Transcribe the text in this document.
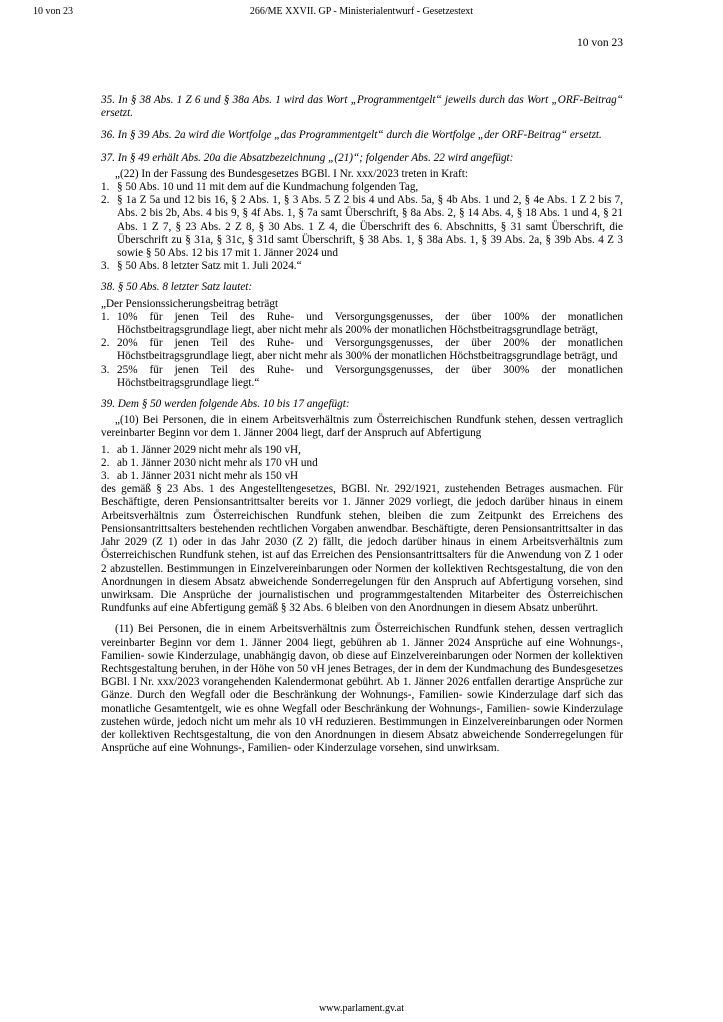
10 von 23	266/ME XXVII. GP - Ministerialentwurf - Gesetzestext
10 von 23
35. In § 38 Abs. 1 Z 6 und § 38a Abs. 1 wird das Wort „Programmentgelt“ jeweils durch das Wort „ORF-Beitrag“ ersetzt.
36. In § 39 Abs. 2a wird die Wortfolge „das Programmentgelt“ durch die Wortfolge „der ORF-Beitrag“ ersetzt.
37. In § 49 erhält Abs. 20a die Absatzbezeichnung „(21)“; folgender Abs. 22 wird angefügt:
„(22) In der Fassung des Bundesgesetzes BGBl. I Nr. xxx/2023 treten in Kraft:
1. § 50 Abs. 10 und 11 mit dem auf die Kundmachung folgenden Tag,
2. § 1a Z 5a und 12 bis 16, § 2 Abs. 1, § 3 Abs. 5 Z 2 bis 4 und Abs. 5a, § 4b Abs. 1 und 2, § 4e Abs. 1 Z 2 bis 7, Abs. 2 bis 2b, Abs. 4 bis 9, § 4f Abs. 1, § 7a samt Überschrift, § 8a Abs. 2, § 14 Abs. 4, § 18 Abs. 1 und 4, § 21 Abs. 1 Z 7, § 23 Abs. 2 Z 8, § 30 Abs. 1 Z 4, die Überschrift des 6. Abschnitts, § 31 samt Überschrift, die Überschrift zu § 31a, § 31c, § 31d samt Überschrift, § 38 Abs. 1, § 38a Abs. 1, § 39 Abs. 2a, § 39b Abs. 4 Z 3 sowie § 50 Abs. 12 bis 17 mit 1. Jänner 2024 und
3. § 50 Abs. 8 letzter Satz mit 1. Juli 2024.“
38. § 50 Abs. 8 letzter Satz lautet:
„Der Pensionssicherungsbeitrag beträgt
1. 10% für jenen Teil des Ruhe- und Versorgungsgenusses, der über 100% der monatlichen Höchstbeitragsgrundlage liegt, aber nicht mehr als 200% der monatlichen Höchstbeitragsgrundlage beträgt,
2. 20% für jenen Teil des Ruhe- und Versorgungsgenusses, der über 200% der monatlichen Höchstbeitragsgrundlage liegt, aber nicht mehr als 300% der monatlichen Höchstbeitragsgrundlage beträgt, und
3. 25% für jenen Teil des Ruhe- und Versorgungsgenusses, der über 300% der monatlichen Höchstbeitragsgrundlage liegt.“
39. Dem § 50 werden folgende Abs. 10 bis 17 angefügt:
„(10) Bei Personen, die in einem Arbeitsverhältnis zum Österreichischen Rundfunk stehen, dessen vertraglich vereinbarter Beginn vor dem 1. Jänner 2004 liegt, darf der Anspruch auf Abfertigung
1. ab 1. Jänner 2029 nicht mehr als 190 vH,
2. ab 1. Jänner 2030 nicht mehr als 170 vH und
3. ab 1. Jänner 2031 nicht mehr als 150 vH
des gemäß § 23 Abs. 1 des Angestelltengesetzes, BGBl. Nr. 292/1921, zustehenden Betrages ausmachen. Für Beschäftigte, deren Pensionsantrittsalter bereits vor 1. Jänner 2029 vorliegt, die jedoch darüber hinaus in einem Arbeitsverhältnis zum Österreichischen Rundfunk stehen, bleiben die zum Zeitpunkt des Erreichens des Pensionsantrittsalters bestehenden rechtlichen Vorgaben anwendbar. Beschäftigte, deren Pensionsantrittsalter in das Jahr 2029 (Z 1) oder in das Jahr 2030 (Z 2) fällt, die jedoch darüber hinaus in einem Arbeitsverhältnis zum Österreichischen Rundfunk stehen, ist auf das Erreichen des Pensionsantrittsalters für die Anwendung von Z 1 oder 2 abzustellen. Bestimmungen in Einzelvereinbarungen oder Normen der kollektiven Rechtsgestaltung, die von den Anordnungen in diesem Absatz abweichende Sonderregelungen für den Anspruch auf Abfertigung vorsehen, sind unwirksam. Die Ansprüche der journalistischen und programmgestaltenden Mitarbeiter des Österreichischen Rundfunks auf eine Abfertigung gemäß § 32 Abs. 6 bleiben von den Anordnungen in diesem Absatz unberührt.
(11) Bei Personen, die in einem Arbeitsverhältnis zum Österreichischen Rundfunk stehen, dessen vertraglich vereinbarter Beginn vor dem 1. Jänner 2004 liegt, gebühren ab 1. Jänner 2024 Ansprüche auf eine Wohnungs-, Familien- sowie Kinderzulage, unabhängig davon, ob diese auf Einzelvereinbarungen oder Normen der kollektiven Rechtsgestaltung beruhen, in der Höhe von 50 vH jenes Betrages, der in dem der Kundmachung des Bundesgesetzes BGBl. I Nr. xxx/2023 vorangehenden Kalendermonat gebührt. Ab 1. Jänner 2026 entfallen derartige Ansprüche zur Gänze. Durch den Wegfall oder die Beschränkung der Wohnungs-, Familien- sowie Kinderzulage darf sich das monatliche Gesamtentgelt, wie es ohne Wegfall oder Beschränkung der Wohnungs-, Familien- sowie Kinderzulage zustehen würde, jedoch nicht um mehr als 10 vH reduzieren. Bestimmungen in Einzelvereinbarungen oder Normen der kollektiven Rechtsgestaltung, die von den Anordnungen in diesem Absatz abweichende Sonderregelungen für Ansprüche auf eine Wohnungs-, Familien- oder Kinderzulage vorsehen, sind unwirksam.
www.parlament.gv.at
